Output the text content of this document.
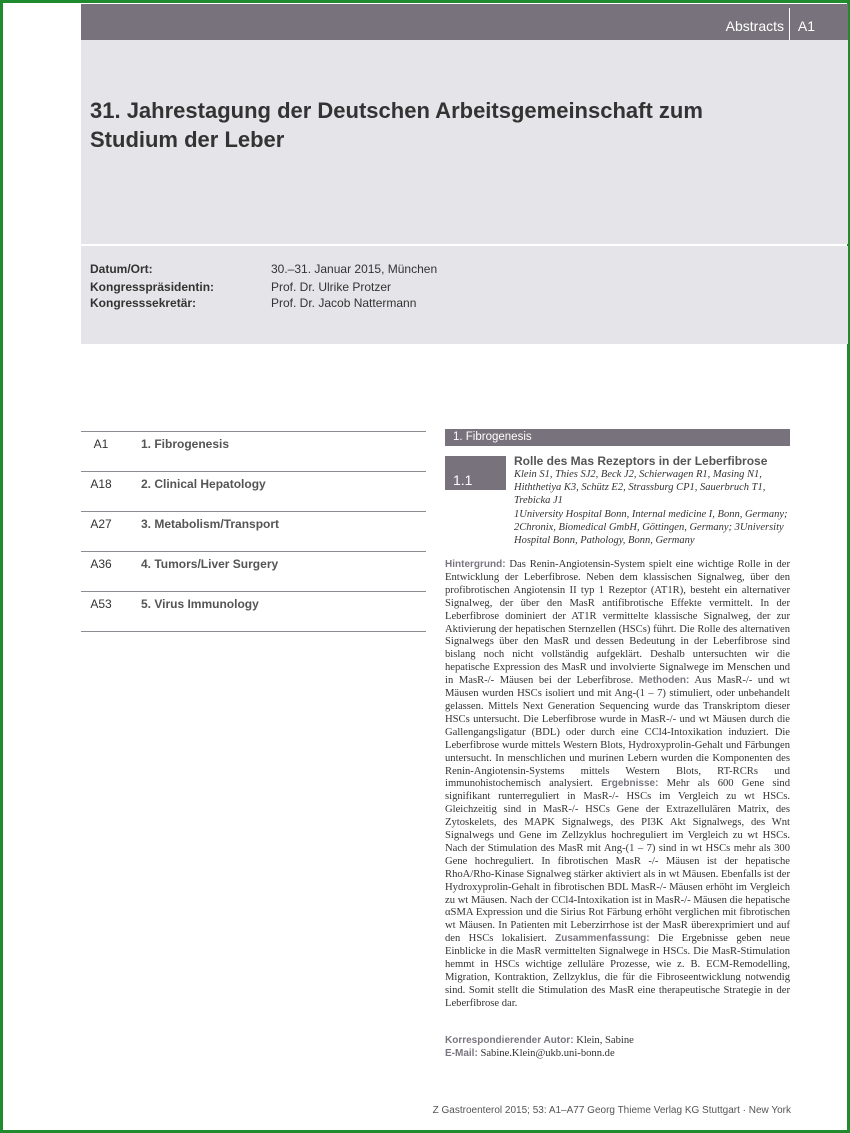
Abstracts A1
31. Jahrestagung der Deutschen Arbeitsgemeinschaft zum Studium der Leber
Datum/Ort:	30.–31. Januar 2015, München
Kongresspräsidentin:	Prof. Dr. Ulrike Protzer
Kongresssekretär:	Prof. Dr. Jacob Nattermann
A1	1. Fibrogenesis
A18 2. Clinical Hepatology
A27 3. Metabolism/Transport
A36 4. Tumors/Liver Surgery
A53 5. Virus Immunology
1. Fibrogenesis
1.1
Rolle des Mas Rezeptors in der Leberfibrose
Klein S1, Thies SJ2, Beck J2, Schierwagen R1, Masing N1, Hiththetiya K3, Schütz E2, Strassburg CP1, Sauerbruch T1, Trebicka J1
1University Hospital Bonn, Internal medicine I, Bonn, Germany; 2Chronix, Biomedical GmbH, Göttingen, Germany; 3University Hospital Bonn, Pathology, Bonn, Germany

Hintergrund: Das Renin-Angiotensin-System spielt eine wichtige Rolle in der Entwicklung der Leberfibrose. Neben dem klassischen Signalweg, über den profibrotischen Angiotensin II typ 1 Rezeptor (AT1R), besteht ein alternativer Signalweg, der über den MasR antifibrotische Effekte vermittelt. In der Leberfibrose dominiert der AT1R vermittelte klassische Signalweg, der zur Aktivierung der hepatischen Sternzellen (HSCs) führt. Die Rolle des alternativen Signalwegs über den MasR und dessen Bedeutung in der Leberfibrose sind bislang noch nicht vollständig aufgeklärt. Deshalb untersuchten wir die hepatische Expression des MasR und involvierte Signalwege im Menschen und in MasR-/- Mäusen bei der Leberfibrose. Methoden: Aus MasR-/- und wt Mäusen wurden HSCs isoliert und mit Ang-(1 – 7) stimuliert, oder unbehandelt gelassen. Mittels Next Generation Sequencing wurde das Transkriptom dieser HSCs untersucht. Die Leberfibrose wurde in MasR-/- und wt Mäusen durch die Gallengangsligatur (BDL) oder durch eine CCl4-Intoxikation induziert. Die Leberfibrose wurde mittels Western Blots, Hydroxyprolin-Gehalt und Färbungen untersucht. In menschlichen und murinen Lebern wurden die Komponenten des Renin-Angiotensin-Systems mittels Western Blots, RT-RCRs und immunohistochemisch analysiert. Ergebnisse: Mehr als 600 Gene sind signifikant runterreguliert in MasR-/- HSCs im Vergleich zu wt HSCs. Gleichzeitig sind in MasR-/- HSCs Gene der Extrazellulären Matrix, des Zytoskelets, des MAPK Signalwegs, des PI3K Akt Signalwegs, des Wnt Signalwegs und Gene im Zellzyklus hochreguliert im Vergleich zu wt HSCs. Nach der Stimulation des MasR mit Ang-(1 – 7) sind in wt HSCs mehr als 300 Gene hochreguliert. In fibrotischen MasR -/- Mäusen ist der hepatische RhoA/Rho-Kinase Signalweg stärker aktiviert als in wt Mäusen. Ebenfalls ist der Hydroxyprolin-Gehalt in fibrotischen BDL MasR-/- Mäusen erhöht im Vergleich zu wt Mäusen. Nach der CCl4-Intoxikation ist in MasR-/- Mäusen die hepatische αSMA Expression und die Sirius Rot Färbung erhöht verglichen mit fibrotischen wt Mäusen. In Patienten mit Leberzirrhose ist der MasR überexprimiert und auf den HSCs lokalisiert. Zusammenfassung: Die Ergebnisse geben neue Einblicke in die MasR vermittelten Signalwege in HSCs. Die MasR-Stimulation hemmt in HSCs wichtige zelluläre Prozesse, wie z. B. ECM-Remodelling, Migration, Kontraktion, Zellzyklus, die für die Fibroseentwicklung notwendig sind. Somit stellt die Stimulation des MasR eine therapeutische Strategie in der Leberfibrose dar.

Korrespondierender Autor: Klein, Sabine
E-Mail: Sabine.Klein@ukb.uni-bonn.de
Z Gastroenterol 2015; 53: A1–A77 Georg Thieme Verlag KG Stuttgart · New York
